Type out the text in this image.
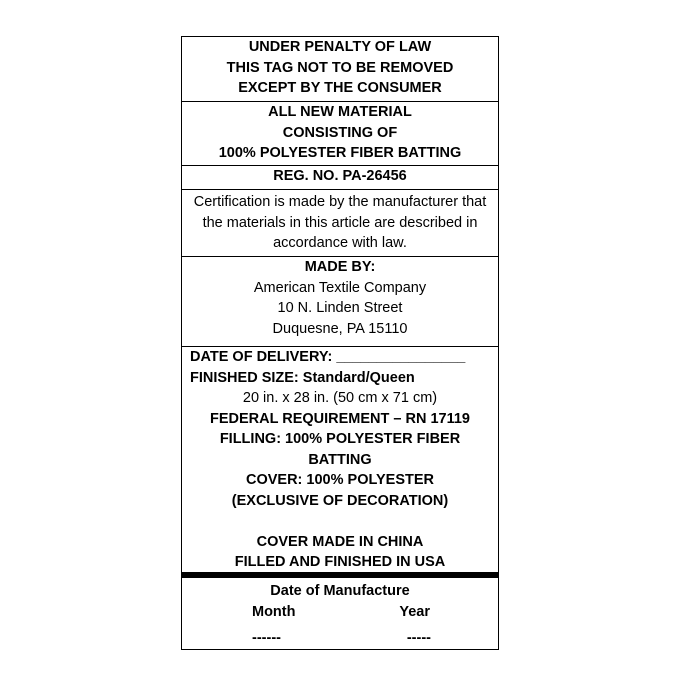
UNDER PENALTY OF LAW
THIS TAG NOT TO BE REMOVED
EXCEPT BY THE CONSUMER
ALL NEW MATERIAL
CONSISTING OF
100% POLYESTER FIBER BATTING
REG. NO. PA-26456
Certification is made by the manufacturer that
the materials in this article are described in
accordance with law.
MADE BY:
American Textile Company
10 N. Linden Street
Duquesne, PA 15110
DATE OF DELIVERY: ________________
FINISHED SIZE: Standard/Queen
20 in. x 28 in. (50 cm x 71 cm)
FEDERAL REQUIREMENT – RN 17119
FILLING: 100% POLYESTER FIBER
BATTING
COVER: 100% POLYESTER
(EXCLUSIVE OF DECORATION)
COVER MADE IN CHINA
FILLED AND FINISHED IN USA
Date of Manufacture
Month	Year
------	-----
